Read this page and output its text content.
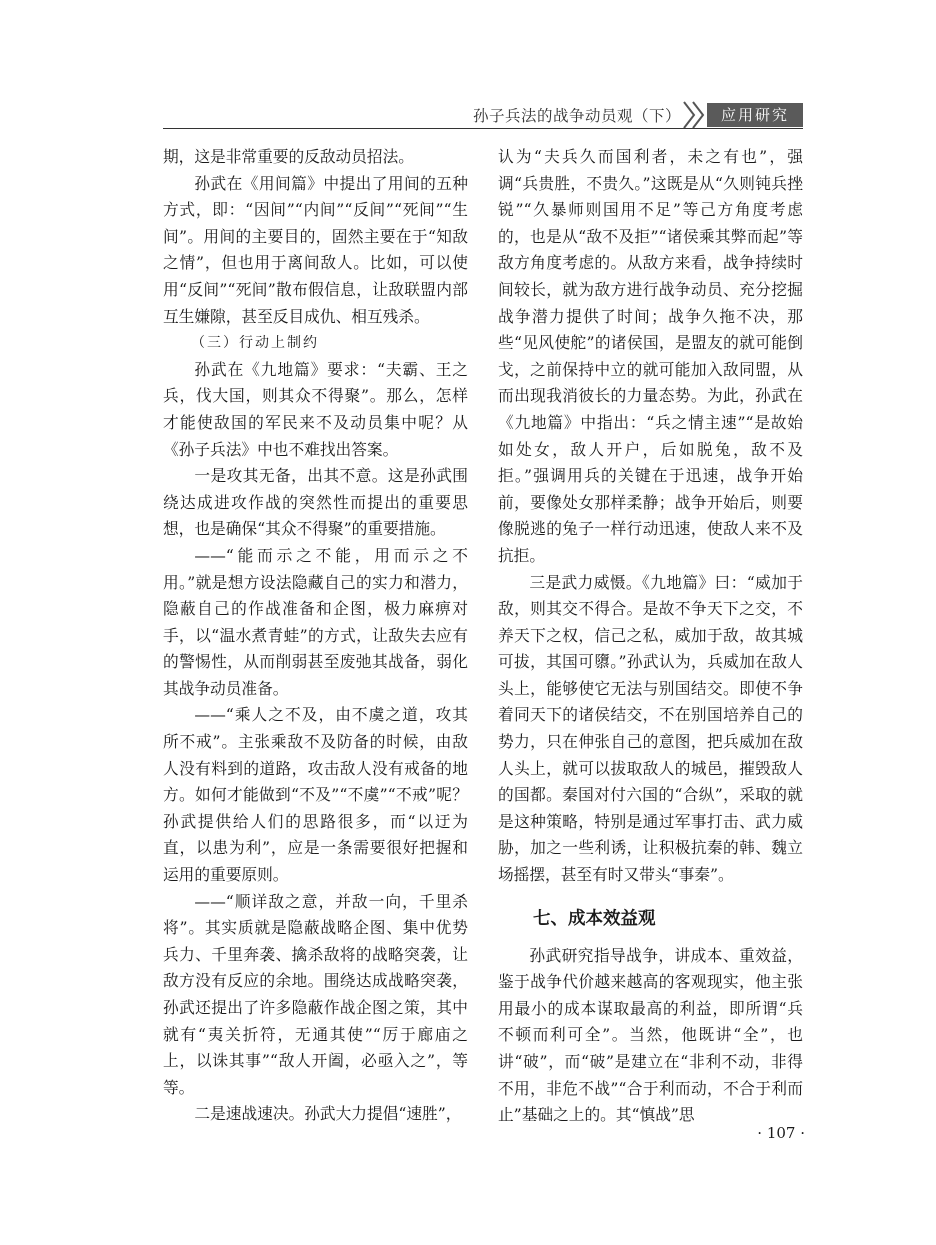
孙子兵法的战争动员观（下）	应用研究

期，这是非常重要的反敌动员招法。

孙武在《用间篇》中提出了用间的五种方式，即：“因间”“内间”“反间”“死间”“生间”。用间的主要目的，固然主要在于“知敌之情”，但也用于离间敌人。比如，可以使用“反间”“死间”散布假信息，让敌联盟内部互生嫌隙，甚至反目成仇、相互残杀。

（三）行动上制约

孙武在《九地篇》要求：“夫霸、王之兵，伐大国，则其众不得聚”。那么，怎样才能使敌国的军民来不及动员集中呢？从《孙子兵法》中也不难找出答案。

一是攻其无备，出其不意。这是孙武围绕达成进攻作战的突然性而提出的重要思想，也是确保“其众不得聚”的重要措施。

——“能而示之不能，用而示之不用。”就是想方设法隐藏自己的实力和潜力，隐蔽自己的作战准备和企图，极力麻痹对手，以“温水煮青蛙”的方式，让敌失去应有的警惕性，从而削弱甚至废弛其战备，弱化其战争动员准备。

——“乘人之不及，由不虞之道，攻其所不戒”。主张乘敌不及防备的时候，由敌人没有料到的道路，攻击敌人没有戒备的地方。如何才能做到“不及”“不虞”“不戒”呢？孙武提供给人们的思路很多，而“以迂为直，以患为利”，应是一条需要很好把握和运用的重要原则。

——“顺详敌之意，并敌一向，千里杀将”。其实质就是隐蔽战略企图、集中优势兵力、千里奔袭、擒杀敌将的战略突袭，让敌方没有反应的余地。围绕达成战略突袭，孙武还提出了许多隐蔽作战企图之策，其中就有“夷关折符，无通其使”“厉于廊庙之上，以诛其事”“敌人开阖，必亟入之”，等等。

二是速战速决。孙武大力提倡“速胜”，

认为“夫兵久而国利者，未之有也”，强调“兵贵胜，不贵久。”这既是从“久则钝兵挫锐”“久暴师则国用不足”等己方角度考虑的，也是从“敌不及拒”“诸侯乘其弊而起”等敌方角度考虑的。从敌方来看，战争持续时间较长，就为敌方进行战争动员、充分挖掘战争潜力提供了时间；战争久拖不决，那些“见风使舵”的诸侯国，是盟友的就可能倒戈，之前保持中立的就可能加入敌同盟，从而出现我消彼长的力量态势。为此，孙武在《九地篇》中指出：“兵之情主速”“是故始如处女，敌人开户，后如脱兔，敌不及拒。”强调用兵的关键在于迅速，战争开始前，要像处女那样柔静；战争开始后，则要像脱逃的兔子一样行动迅速，使敌人来不及抗拒。

三是武力威慑。《九地篇》曰：“威加于敌，则其交不得合。是故不争天下之交，不养天下之权，信己之私，威加于敌，故其城可拔，其国可隳。”孙武认为，兵威加在敌人头上，能够使它无法与别国结交。即使不争着同天下的诸侯结交，不在别国培养自己的势力，只在伸张自己的意图，把兵威加在敌人头上，就可以拔取敌人的城邑，摧毁敌人的国都。秦国对付六国的“合纵”，采取的就是这种策略，特别是通过军事打击、武力威胁，加之一些利诱，让积极抗秦的韩、魏立场摇摆，甚至有时又带头“事秦”。

七、成本效益观

孙武研究指导战争，讲成本、重效益，鉴于战争代价越来越高的客观现实，他主张用最小的成本谋取最高的利益，即所谓“兵不顿而利可全”。当然，他既讲“全”，也讲“破”，而“破”是建立在“非利不动，非得不用，非危不战”“合于利而动，不合于利而止”基础之上的。其“慎战”思

· 107 ·
